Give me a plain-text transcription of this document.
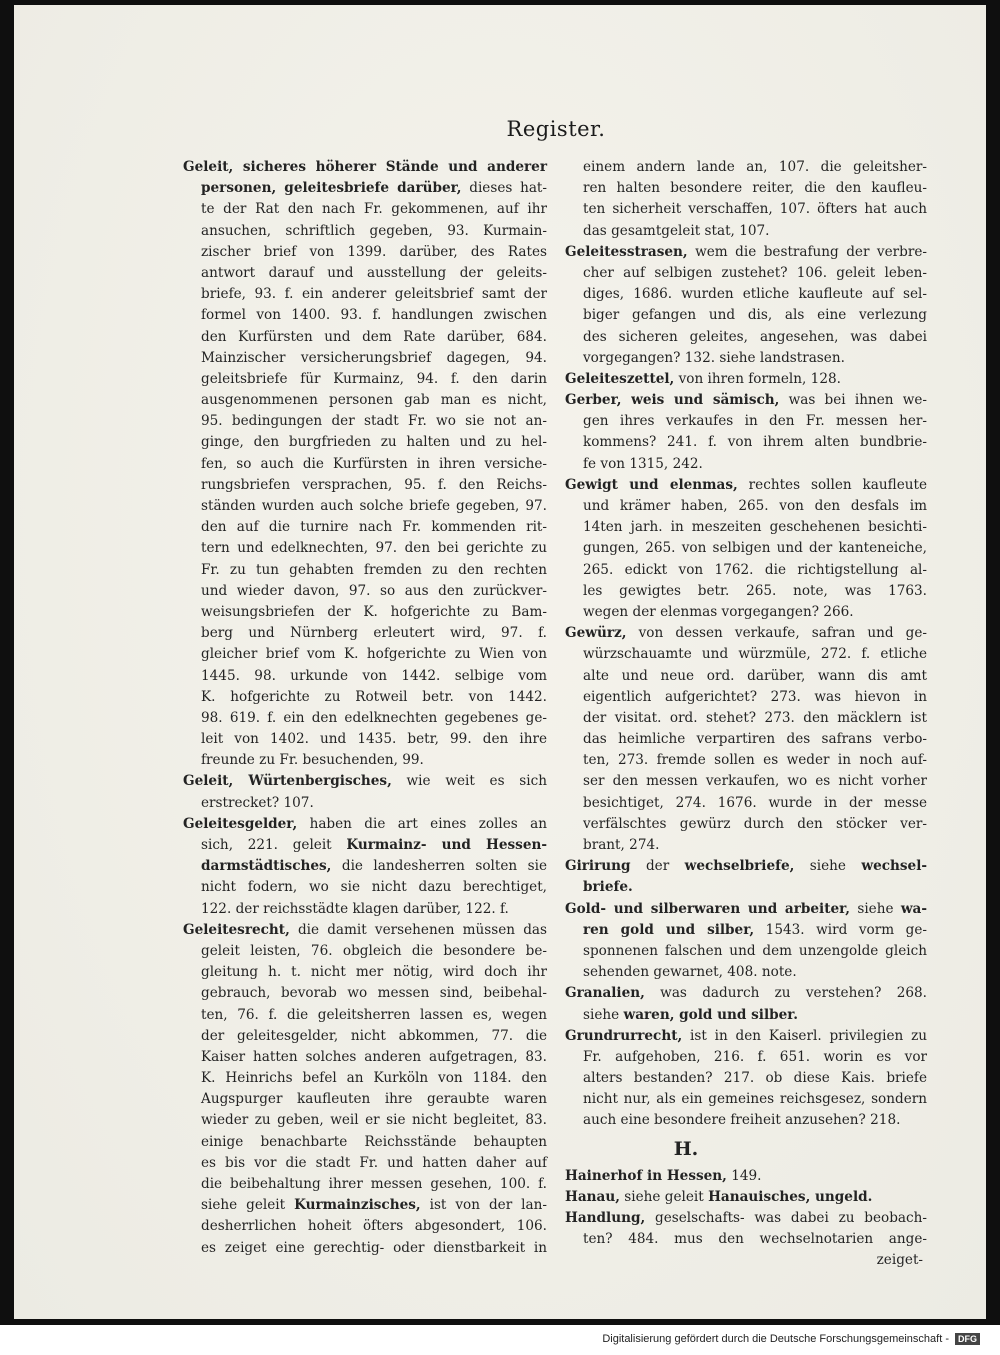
Register.
Geleit, sicheres höherer Stände und anderer
personen, geleitesbriefe darüber, dieses hat-
te der Rat den nach Fr. gekommenen, auf ihr
ansuchen, schriftlich gegeben, 93. Kurmain-
zischer brief von 1399. darüber, des Rates
antwort darauf und ausstellung der geleits-
briefe, 93. f. ein anderer geleitsbrief samt der
formel von 1400. 93. f. handlungen zwischen
den Kurfürsten und dem Rate darüber, 684.
Mainzischer versicherungsbrief dagegen, 94.
geleitsbriefe für Kurmainz, 94. f. den darin
ausgenommenen personen gab man es nicht,
95. bedingungen der stadt Fr. wo sie not an-
ginge, den burgfrieden zu halten und zu hel-
fen, so auch die Kurfürsten in ihren versiche-
rungsbriefen versprachen, 95. f. den Reichs-
ständen wurden auch solche briefe gegeben, 97.
den auf die turnire nach Fr. kommenden rit-
tern und edelknechten, 97. den bei gerichte zu
Fr. zu tun gehabten fremden zu den rechten
und wieder davon, 97. so aus den zurückver-
weisungsbriefen der K. hofgerichte zu Bam-
berg und Nürnberg erleutert wird, 97. f.
gleicher brief vom K. hofgerichte zu Wien von
1445. 98. urkunde von 1442. selbige vom
K. hofgerichte zu Rotweil betr. von 1442.
98. 619. f. ein den edelknechten gegebenes ge-
leit von 1402. und 1435. betr, 99. den ihre
freunde zu Fr. besuchenden, 99.
Geleit, Würtenbergisches, wie weit es sich
erstrecket? 107.
Geleitesgelder, haben die art eines zolles an
sich, 221. geleit Kurmainz- und Hessen-
darmstädtisches, die landesherren solten sie
nicht fodern, wo sie nicht dazu berechtiget,
122. der reichsstädte klagen darüber, 122. f.
Geleitesrecht, die damit versehenen müssen das
geleit leisten, 76. obgleich die besondere be-
gleitung h. t. nicht mer nötig, wird doch ihr
gebrauch, bevorab wo messen sind, beibehal-
ten, 76. f. die geleitsherren lassen es, wegen
der geleitesgelder, nicht abkommen, 77. die
Kaiser hatten solches anderen aufgetragen, 83.
K. Heinrichs befel an Kurköln von 1184. den
Augspurger kaufleuten ihre geraubte waren
wieder zu geben, weil er sie nicht begleitet, 83.
einige benachbarte Reichsstände behaupten
es bis vor die stadt Fr. und hatten daher auf
die beibehaltung ihrer messen gesehen, 100. f.
siehe geleit Kurmainzisches, ist von der lan-
desherrlichen hoheit öfters abgesondert, 106.
es zeiget eine gerechtig- oder dienstbarkeit in
einem andern lande an, 107. die geleitsher-
ren halten besondere reiter, die den kaufleu-
ten sicherheit verschaffen, 107. öfters hat auch
das gesamtgeleit stat, 107.
Geleitesstrasen, wem die bestrafung der verbre-
cher auf selbigen zustehet? 106. geleit leben-
diges, 1686. wurden etliche kaufleute auf sel-
biger gefangen und dis, als eine verlezung
des sicheren geleites, angesehen, was dabei
vorgegangen? 132. siehe landstrasen.
Geleiteszettel, von ihren formeln, 128.
Gerber, weis und sämisch, was bei ihnen we-
gen ihres verkaufes in den Fr. messen her-
kommens? 241. f. von ihrem alten bundbrie-
fe von 1315, 242.
Gewigt und elenmas, rechtes sollen kaufleute
und krämer haben, 265. von den desfals im
14ten jarh. in meszeiten geschehenen besichti-
gungen, 265. von selbigen und der kanteneiche,
265. edickt von 1762. die richtigstellung al-
les gewigtes betr. 265. note, was 1763.
wegen der elenmas vorgegangen? 266.
Gewürz, von dessen verkaufe, safran und ge-
würzschauamte und würzmüle, 272. f. etliche
alte und neue ord. darüber, wann dis amt
eigentlich aufgerichtet? 273. was hievon in
der visitat. ord. stehet? 273. den mäcklern ist
das heimliche verpartiren des safrans verbo-
ten, 273. fremde sollen es weder in noch auf-
ser den messen verkaufen, wo es nicht vorher
besichtiget, 274. 1676. wurde in der messe
verfälschtes gewürz durch den stöcker ver-
brant, 274.
Girirung der wechselbriefe, siehe wechsel-
briefe.
Gold- und silberwaren und arbeiter, siehe wa-
ren gold und silber, 1543. wird vorm ge-
sponnenen falschen und dem unzengolde gleich
sehenden gewarnet, 408. note.
Granalien, was dadurch zu verstehen? 268.
siehe waren, gold und silber.
Grundrurrecht, ist in den Kaiserl. privilegien zu
Fr. aufgehoben, 216. f. 651. worin es vor
alters bestanden? 217. ob diese Kais. briefe
nicht nur, als ein gemeines reichsgesez, sondern
auch eine besondere freiheit anzusehen? 218.
H.
Hainerhof in Hessen, 149.
Hanau, siehe geleit Hanauisches, ungeld.
Handlung, geselschafts- was dabei zu beobach-
ten? 484. mus den wechselnotarien ange-
zeiget-
Digitalisierung gefördert durch die Deutsche Forschungsgemeinschaft - DFG
